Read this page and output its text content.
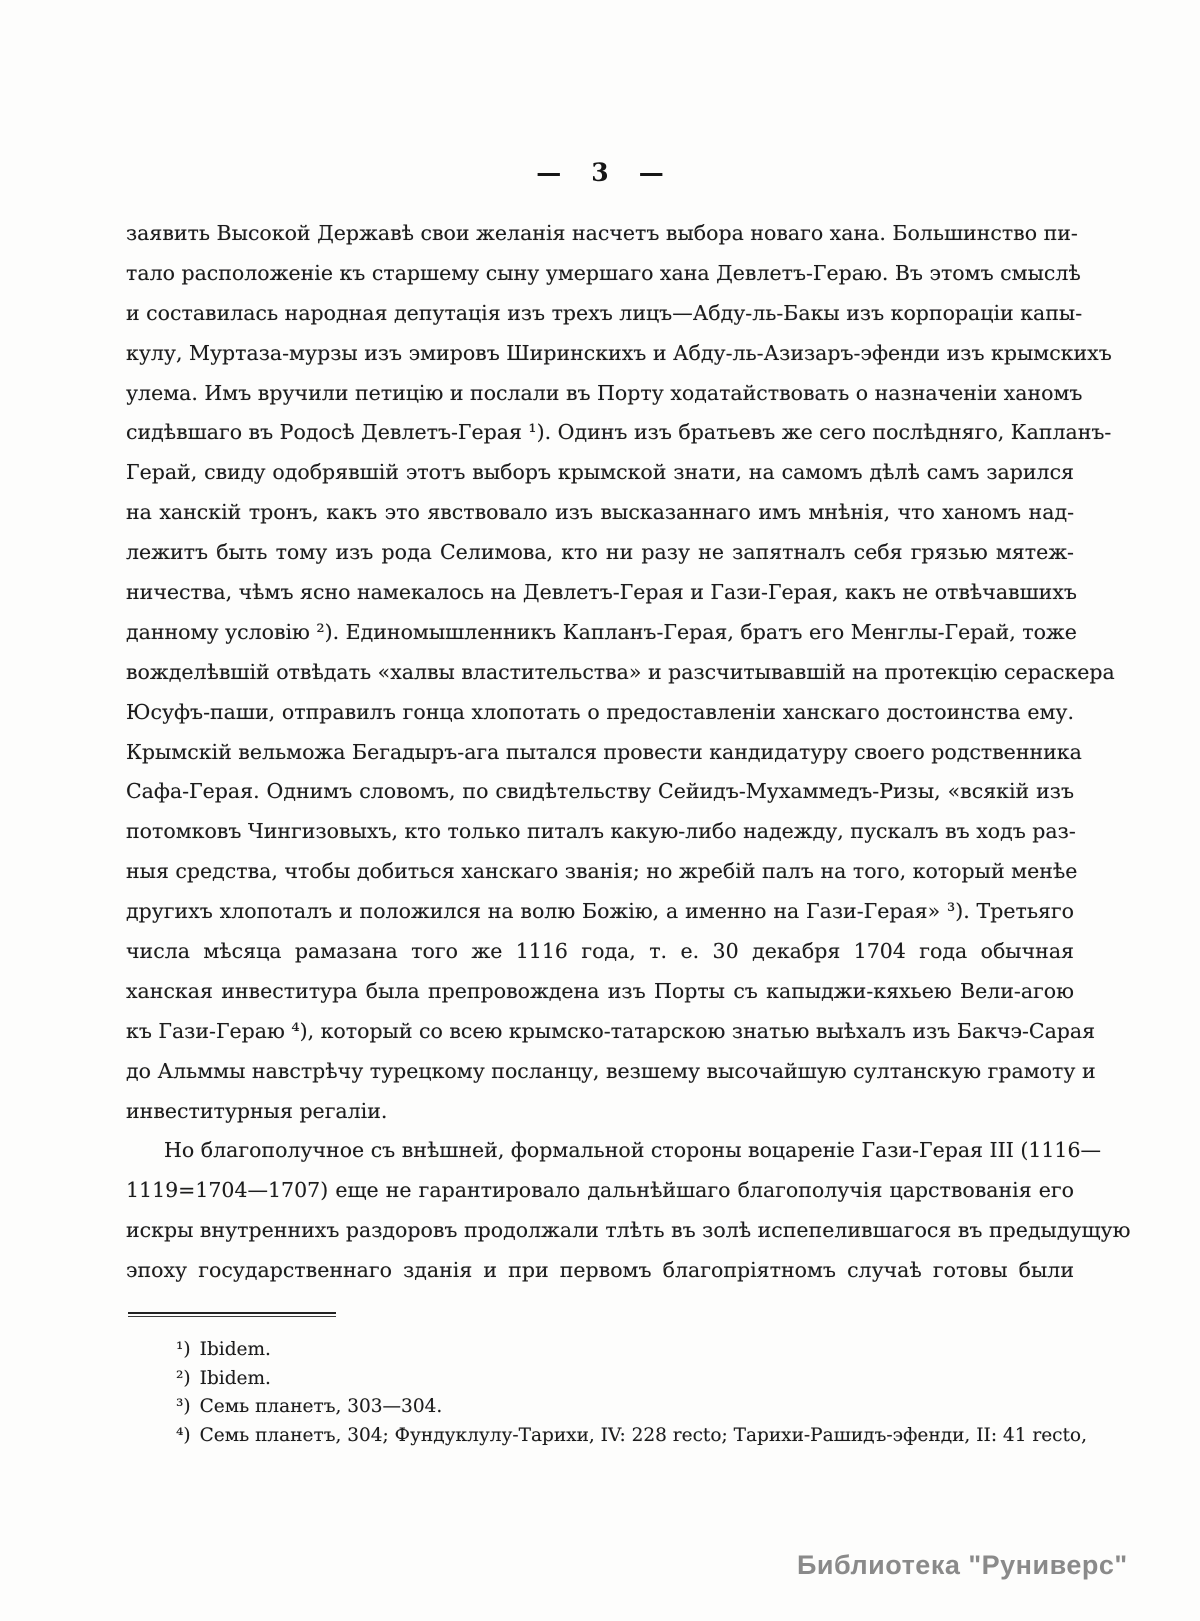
— 3 —
заявить Высокой Державѣ свои желанія насчетъ выбора новаго хана. Большинство пи-
тало расположеніе къ старшему сыну умершаго хана Девлетъ-Гераю. Въ этомъ смыслѣ
и составилась народная депутація изъ трехъ лицъ—Абду-ль-Бакы изъ корпораціи капы-
кулу, Муртаза-мурзы изъ эмировъ Ширинскихъ и Абду-ль-Азизаръ-эфенди изъ крымскихъ
улема. Имъ вручили петицію и послали въ Порту ходатайствовать о назначеніи ханомъ
сидѣвшаго въ Родосѣ Девлетъ-Герая ¹). Одинъ изъ братьевъ же сего послѣдняго, Капланъ-
Герай, свиду одобрявшій этотъ выборъ крымской знати, на самомъ дѣлѣ самъ зарился
на ханскій тронъ, какъ это явствовало изъ высказаннаго имъ мнѣнія, что ханомъ над-
лежитъ быть тому изъ рода Селимова, кто ни разу не запятналъ себя грязью мятеж-
ничества, чѣмъ ясно намекалось на Девлетъ-Герая и Гази-Герая, какъ не отвѣчавшихъ
данному условію ²). Единомышленникъ Капланъ-Герая, братъ его Менглы-Герай, тоже
вожделѣвшій отвѣдать «халвы властительства» и разсчитывавшій на протекцію сераскера
Юсуфъ-паши, отправилъ гонца хлопотать о предоставленіи ханскаго достоинства ему.
Крымскій вельможа Бегадыръ-ага пытался провести кандидатуру своего родственника
Сафа-Герая. Однимъ словомъ, по свидѣтельству Сейидъ-Мухаммедъ-Ризы, «всякій изъ
потомковъ Чингизовыхъ, кто только питалъ какую-либо надежду, пускалъ въ ходъ раз-
ныя средства, чтобы добиться ханскаго званія; но жребій палъ на того, который менѣе
другихъ хлопоталъ и положился на волю Божію, а именно на Гази-Герая» ³). Третьяго
числа мѣсяца рамазана того же 1116 года, т. е. 30 декабря 1704 года обычная
ханская инвеститура была препровождена изъ Порты съ капыджи-кяхьею Вели-агою
къ Гази-Гераю ⁴), который со всею крымско-татарскою знатью выѣхалъ изъ Бакчэ-Сарая
до Альммы навстрѣчу турецкому посланцу, везшему высочайшую султанскую грамоту и
инвеститурныя регаліи.
Но благополучное съ внѣшней, формальной стороны воцареніе Гази-Герая III (1116—
1119=1704—1707) еще не гарантировало дальнѣйшаго благополучія царствованія его
искры внутреннихъ раздоровъ продолжали тлѣть въ золѣ испепелившагося въ предыдущую
эпоху государственнаго зданія и при первомъ благопріятномъ случаѣ готовы были
¹) Ibidem.
²) Ibidem.
³) Семь планетъ, 303—304.
⁴) Семь планетъ, 304; Фундуклулу-Тарихи, IV: 228 recto; Тарихи-Рашидъ-эфенди, II: 41 recto,
Библиотека "Руниверс"
